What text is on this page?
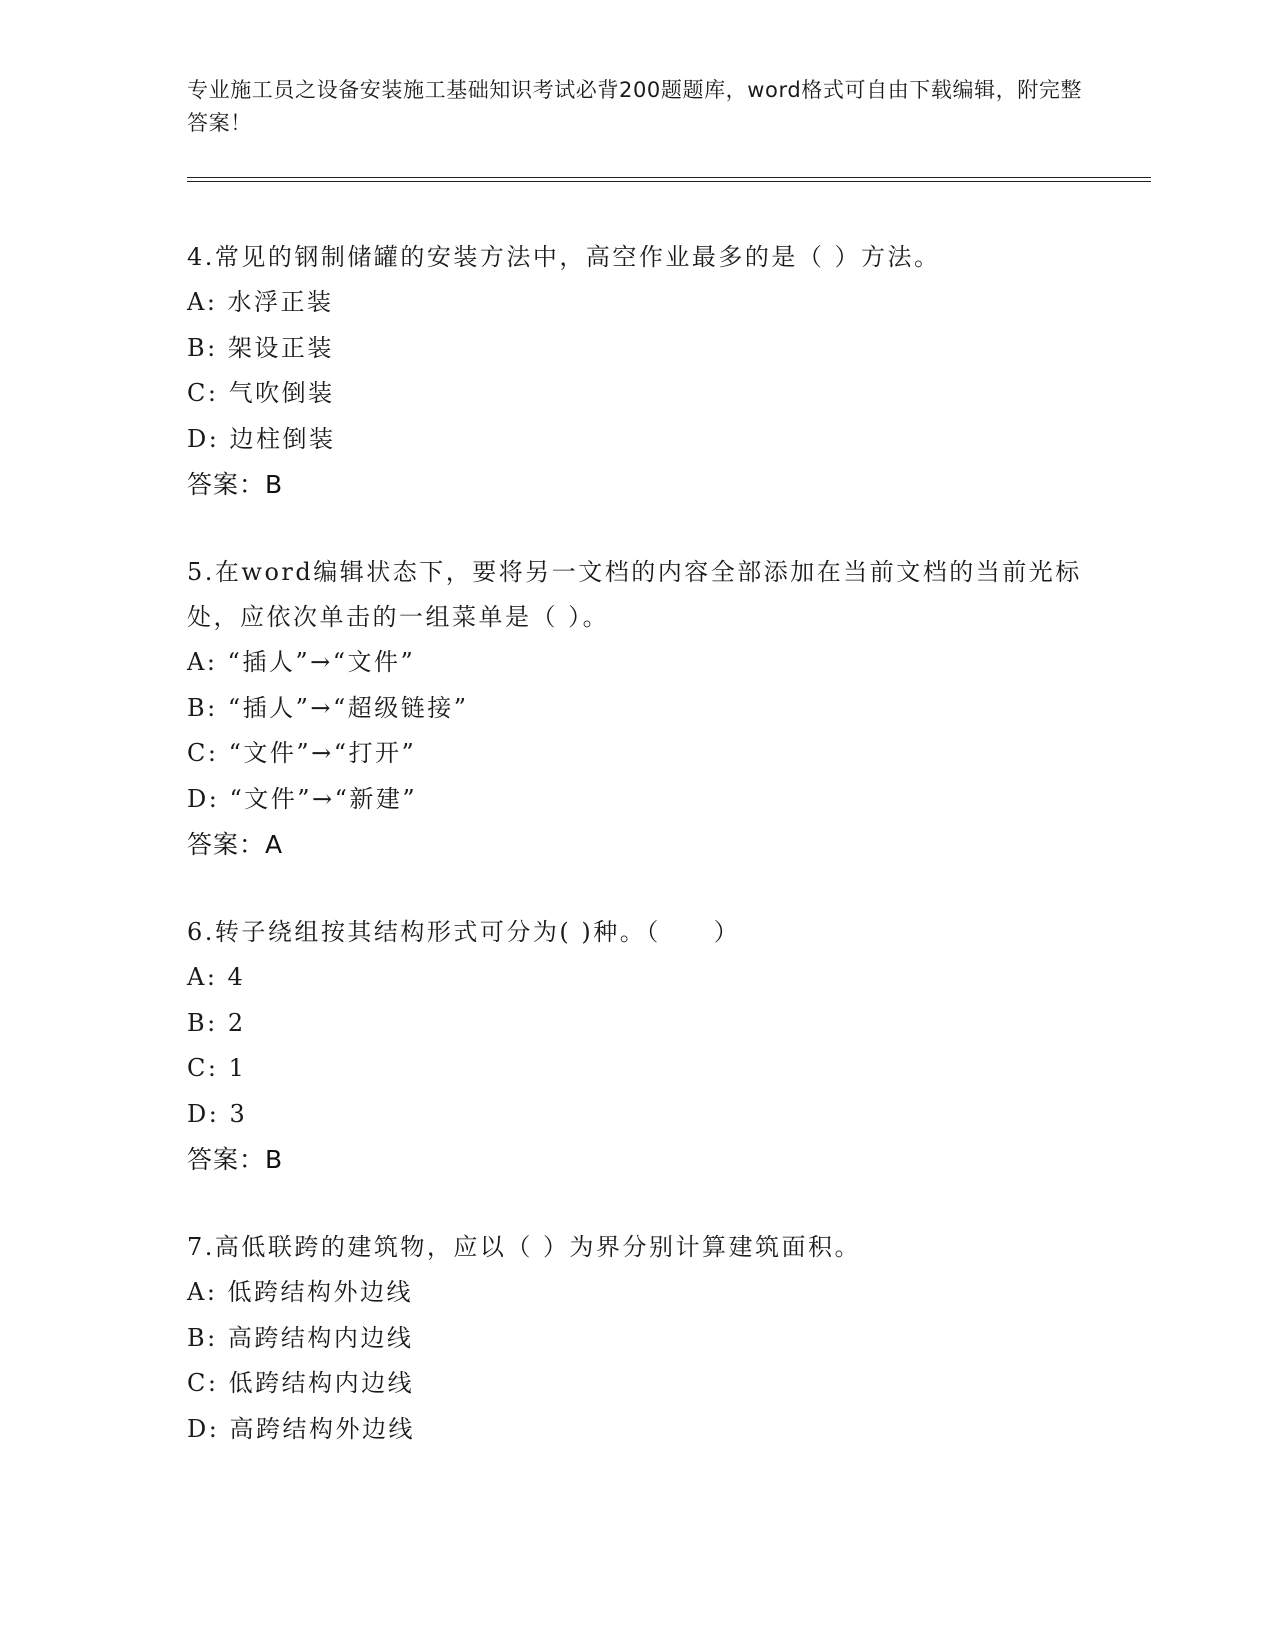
专业施工员之设备安装施工基础知识考试必背200题题库，word格式可自由下载编辑，附完整答案！
4.常见的钢制储罐的安装方法中，高空作业最多的是（ ）方法。
A: 水浮正装
B: 架设正装
C: 气吹倒装
D: 边柱倒装
答案：B
5.在word编辑状态下，要将另一文档的内容全部添加在当前文档的当前光标处，应依次单击的一组菜单是（ ）。
A: “插人”→“文件”
B: “插人”→“超级链接”
C: “文件”→“打开”
D: “文件”→“新建”
答案：A
6.转子绕组按其结构形式可分为( )种。（　　）
A: 4
B: 2
C: 1
D: 3
答案：B
7.高低联跨的建筑物，应以（ ）为界分别计算建筑面积。
A: 低跨结构外边线
B: 高跨结构内边线
C: 低跨结构内边线
D: 高跨结构外边线
